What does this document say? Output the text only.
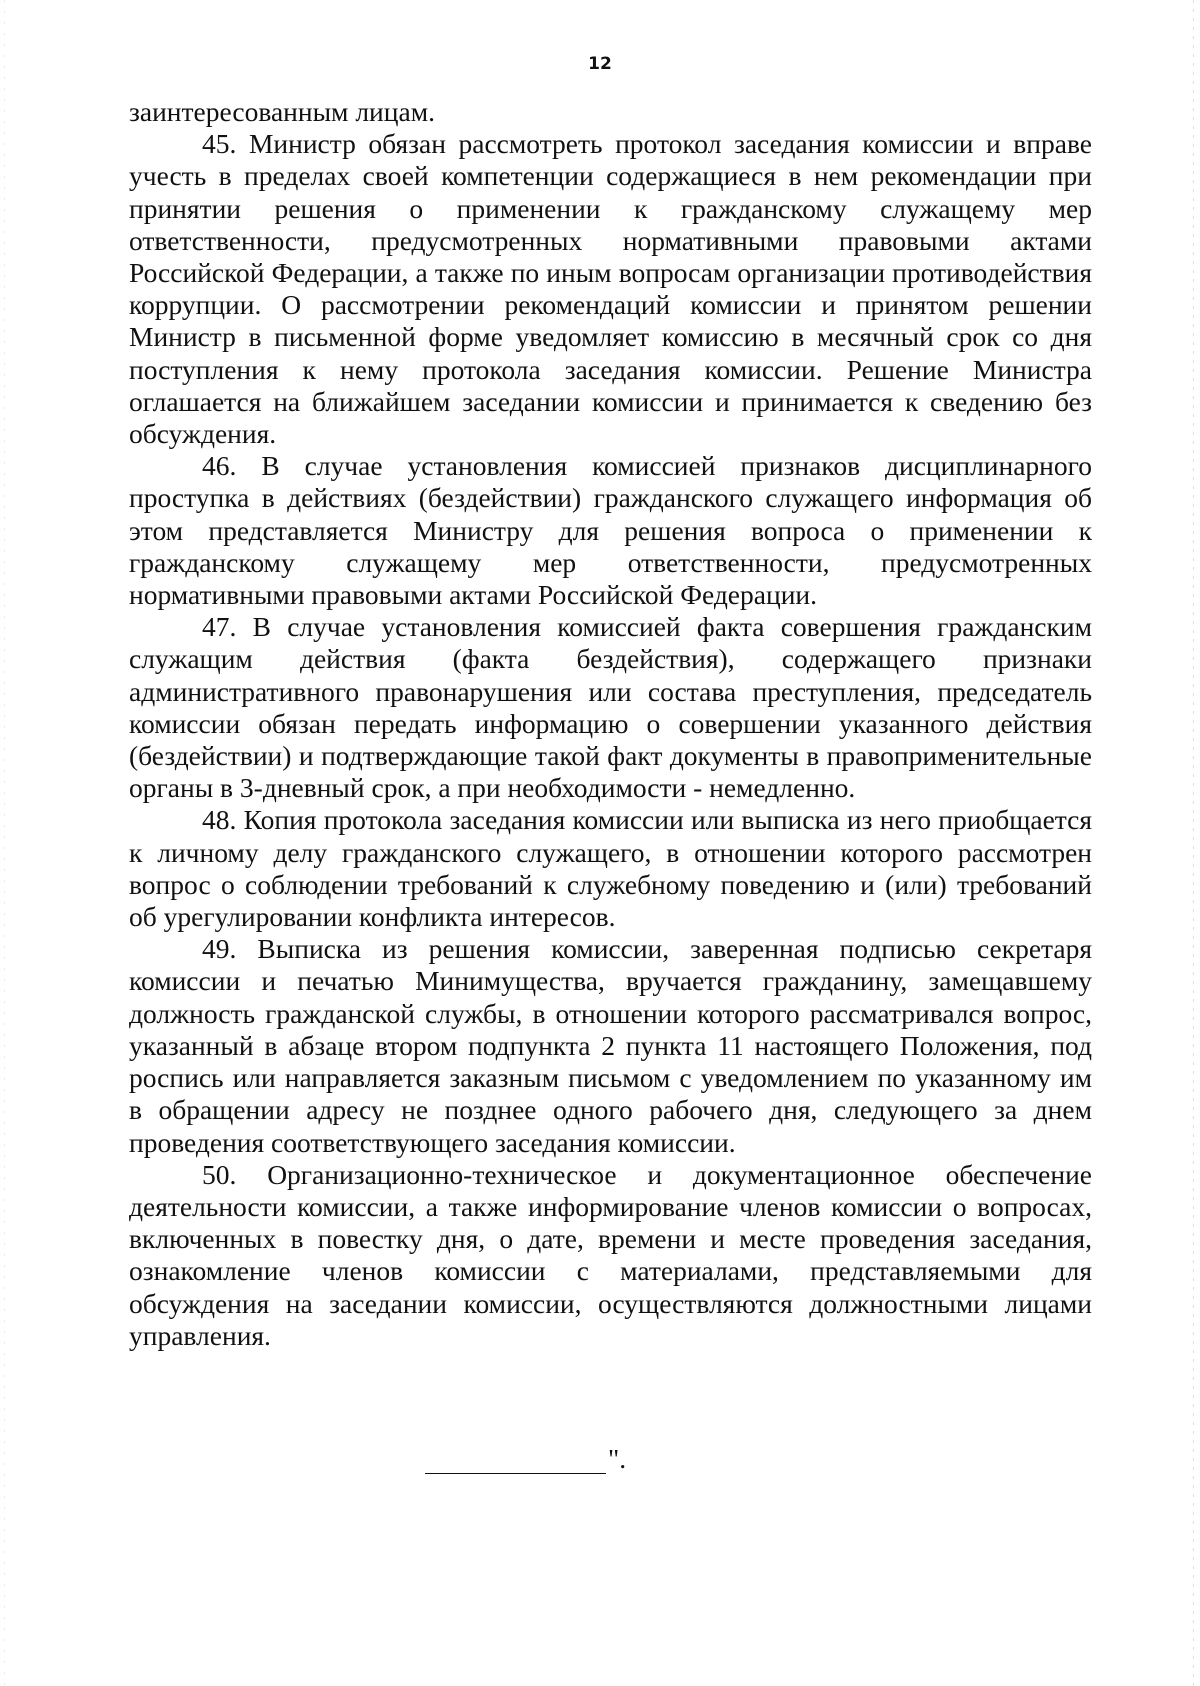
12

заинтересованным лицам.

45. Министр обязан рассмотреть протокол заседания комиссии и вправе учесть в пределах своей компетенции содержащиеся в нем рекомендации при принятии решения о применении к гражданскому служащему мер ответственности, предусмотренных нормативными правовыми актами Российской Федерации, а также по иным вопросам организации противодействия коррупции. О рассмотрении рекомендаций комиссии и принятом решении Министр в письменной форме уведомляет комиссию в месячный срок со дня поступления к нему протокола заседания комиссии. Решение Министра оглашается на ближайшем заседании комиссии и принимается к сведению без обсуждения.

46. В случае установления комиссией признаков дисциплинарного проступка в действиях (бездействии) гражданского служащего информация об этом представляется Министру для решения вопроса о применении к гражданскому служащему мер ответственности, предусмотренных нормативными правовыми актами Российской Федерации.

47. В случае установления комиссией факта совершения гражданским служащим действия (факта бездействия), содержащего признаки административного правонарушения или состава преступления, председатель комиссии обязан передать информацию о совершении указанного действия (бездействии) и подтверждающие такой факт документы в правоприменительные органы в 3-дневный срок, а при необходимости - немедленно.

48. Копия протокола заседания комиссии или выписка из него приобщается к личному делу гражданского служащего, в отношении которого рассмотрен вопрос о соблюдении требований к служебному поведению и (или) требований об урегулировании конфликта интересов.

49. Выписка из решения комиссии, заверенная подписью секретаря комиссии и печатью Минимущества, вручается гражданину, замещавшему должность гражданской службы, в отношении которого рассматривался вопрос, указанный в абзаце втором подпункта 2 пункта 11 настоящего Положения, под роспись или направляется заказным письмом с уведомлением по указанному им в обращении адресу не позднее одного рабочего дня, следующего за днем проведения соответствующего заседания комиссии.

50. Организационно-техническое и документационное обеспечение деятельности комиссии, а также информирование членов комиссии о вопросах, включенных в повестку дня, о дате, времени и месте проведения заседания, ознакомление членов комиссии с материалами, представляемыми для обсуждения на заседании комиссии, осуществляются должностными лицами управления.

".
